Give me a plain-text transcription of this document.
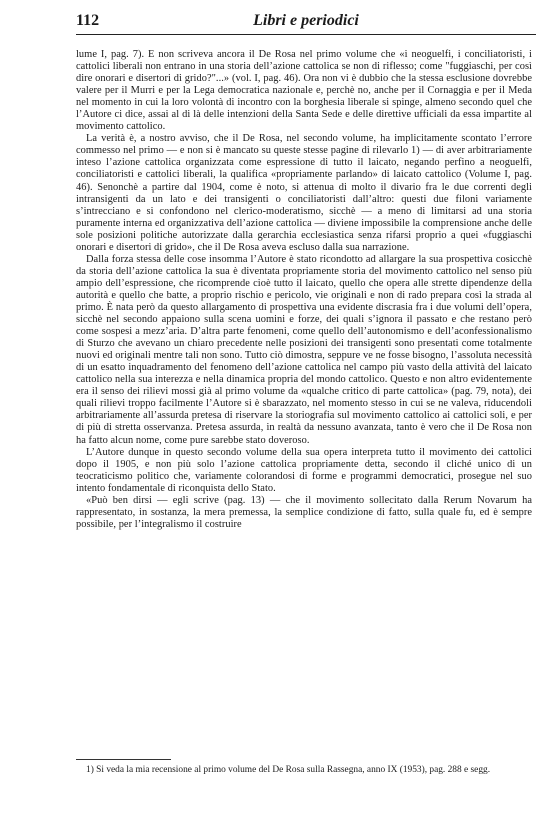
112	Libri e periodici

lume I, pag. 7). E non scriveva ancora il De Rosa nel primo volume che «i neoguelfi, i conciliatoristi, i cattolici liberali non entrano in una storia dell’azione cattolica se non di riflesso; come "fuggiaschi, per così dire onorari e disertori di grido?"...» (vol. I, pag. 46). Ora non vi è dubbio che la stessa esclusione dovrebbe valere per il Murri e per la Lega democratica nazionale e, perchè no, anche per il Cornaggia e per il Meda nel momento in cui la loro volontà di incontro con la borghesia liberale si spinge, almeno secondo quel che l’Autore ci dice, assai al di là delle intenzioni della Santa Sede e delle direttive ufficiali da essa impartite al movimento cattolico.

La verità è, a nostro avviso, che il De Rosa, nel secondo volume, ha implicitamente scontato l’errore commesso nel primo — e non si è mancato su queste stesse pagine di rilevarlo 1) — di aver arbitrariamente inteso l’azione cattolica organizzata come espressione di tutto il laicato, negando perfino a neoguelfi, conciliatoristi e cattolici liberali, la qualifica «propriamente parlando» di laicato cattolico (Volume I, pag. 46). Senonchè a partire dal 1904, come è noto, si attenua di molto il divario fra le due correnti degli intransigenti da un lato e dei transigenti o conciliatoristi dall’altro: questi due filoni variamente s’intrecciano e si confondono nel clerico-moderatismo, sicchè — a meno di limitarsi ad una storia puramente interna ed organizzativa dell’azione cattolica — diviene impossibile la comprensione anche delle sole posizioni politiche autorizzate dalla gerarchia ecclesiastica senza rifarsi proprio a quei «fuggiaschi onorari e disertori di grido», che il De Rosa aveva escluso dalla sua narrazione.

Dalla forza stessa delle cose insomma l’Autore è stato ricondotto ad allargare la sua prospettiva cosicchè da storia dell’azione cattolica la sua è diventata propriamente storia del movimento cattolico nel senso più ampio dell’espressione, che ricomprende cioè tutto il laicato, quello che opera alle strette dipendenze della autorità e quello che batte, a proprio rischio e pericolo, vie originali e non di rado prepara così la strada al primo. È nata però da questo allargamento di prospettiva una evidente discrasia fra i due volumi dell’opera, sicchè nel secondo appaiono sulla scena uomini e forze, dei quali s’ignora il passato e che restano però come sospesi a mezz’aria. D’altra parte fenomeni, come quello dell’autonomismo e dell’aconfessionalismo di Sturzo che avevano un chiaro precedente nelle posizioni dei transigenti sono presentati come totalmente nuovi ed originali mentre tali non sono. Tutto ciò dimostra, seppure ve ne fosse bisogno, l’assoluta necessità di un esatto inquadramento del fenomeno dell’azione cattolica nel campo più vasto della attività del laicato cattolico nella sua interezza e nella dinamica propria del mondo cattolico. Questo e non altro evidentemente era il senso dei rilievi mossi già al primo volume da «qualche critico di parte cattolica» (pag. 79, nota), dei quali rilievi troppo facilmente l’Autore si è sbarazzato, nel momento stesso in cui se ne valeva, riducendoli arbitrariamente all’assurda pretesa di riservare la storiografia sul movimento cattolico ai cattolici soli, e per di più di stretta osservanza. Pretesa assurda, in realtà da nessuno avanzata, tanto è vero che il De Rosa non ha fatto alcun nome, come pure sarebbe stato doveroso.

L’Autore dunque in questo secondo volume della sua opera interpreta tutto il movimento dei cattolici dopo il 1905, e non più solo l’azione cattolica propriamente detta, secondo il cliché unico di un teocraticismo politico che, variamente colorandosi di forme e programmi democratici, prosegue nel suo intento fondamentale di riconquista dello Stato.

«Può ben dirsi — egli scrive (pag. 13) — che il movimento sollecitato dalla Rerum Novarum ha rappresentato, in sostanza, la mera premessa, la semplice condizione di fatto, sulla quale fu, ed è sempre possibile, per l’integralismo il costruire

1) Si veda la mia recensione al primo volume del De Rosa sulla Rassegna, anno IX (1953), pag. 288 e segg.
